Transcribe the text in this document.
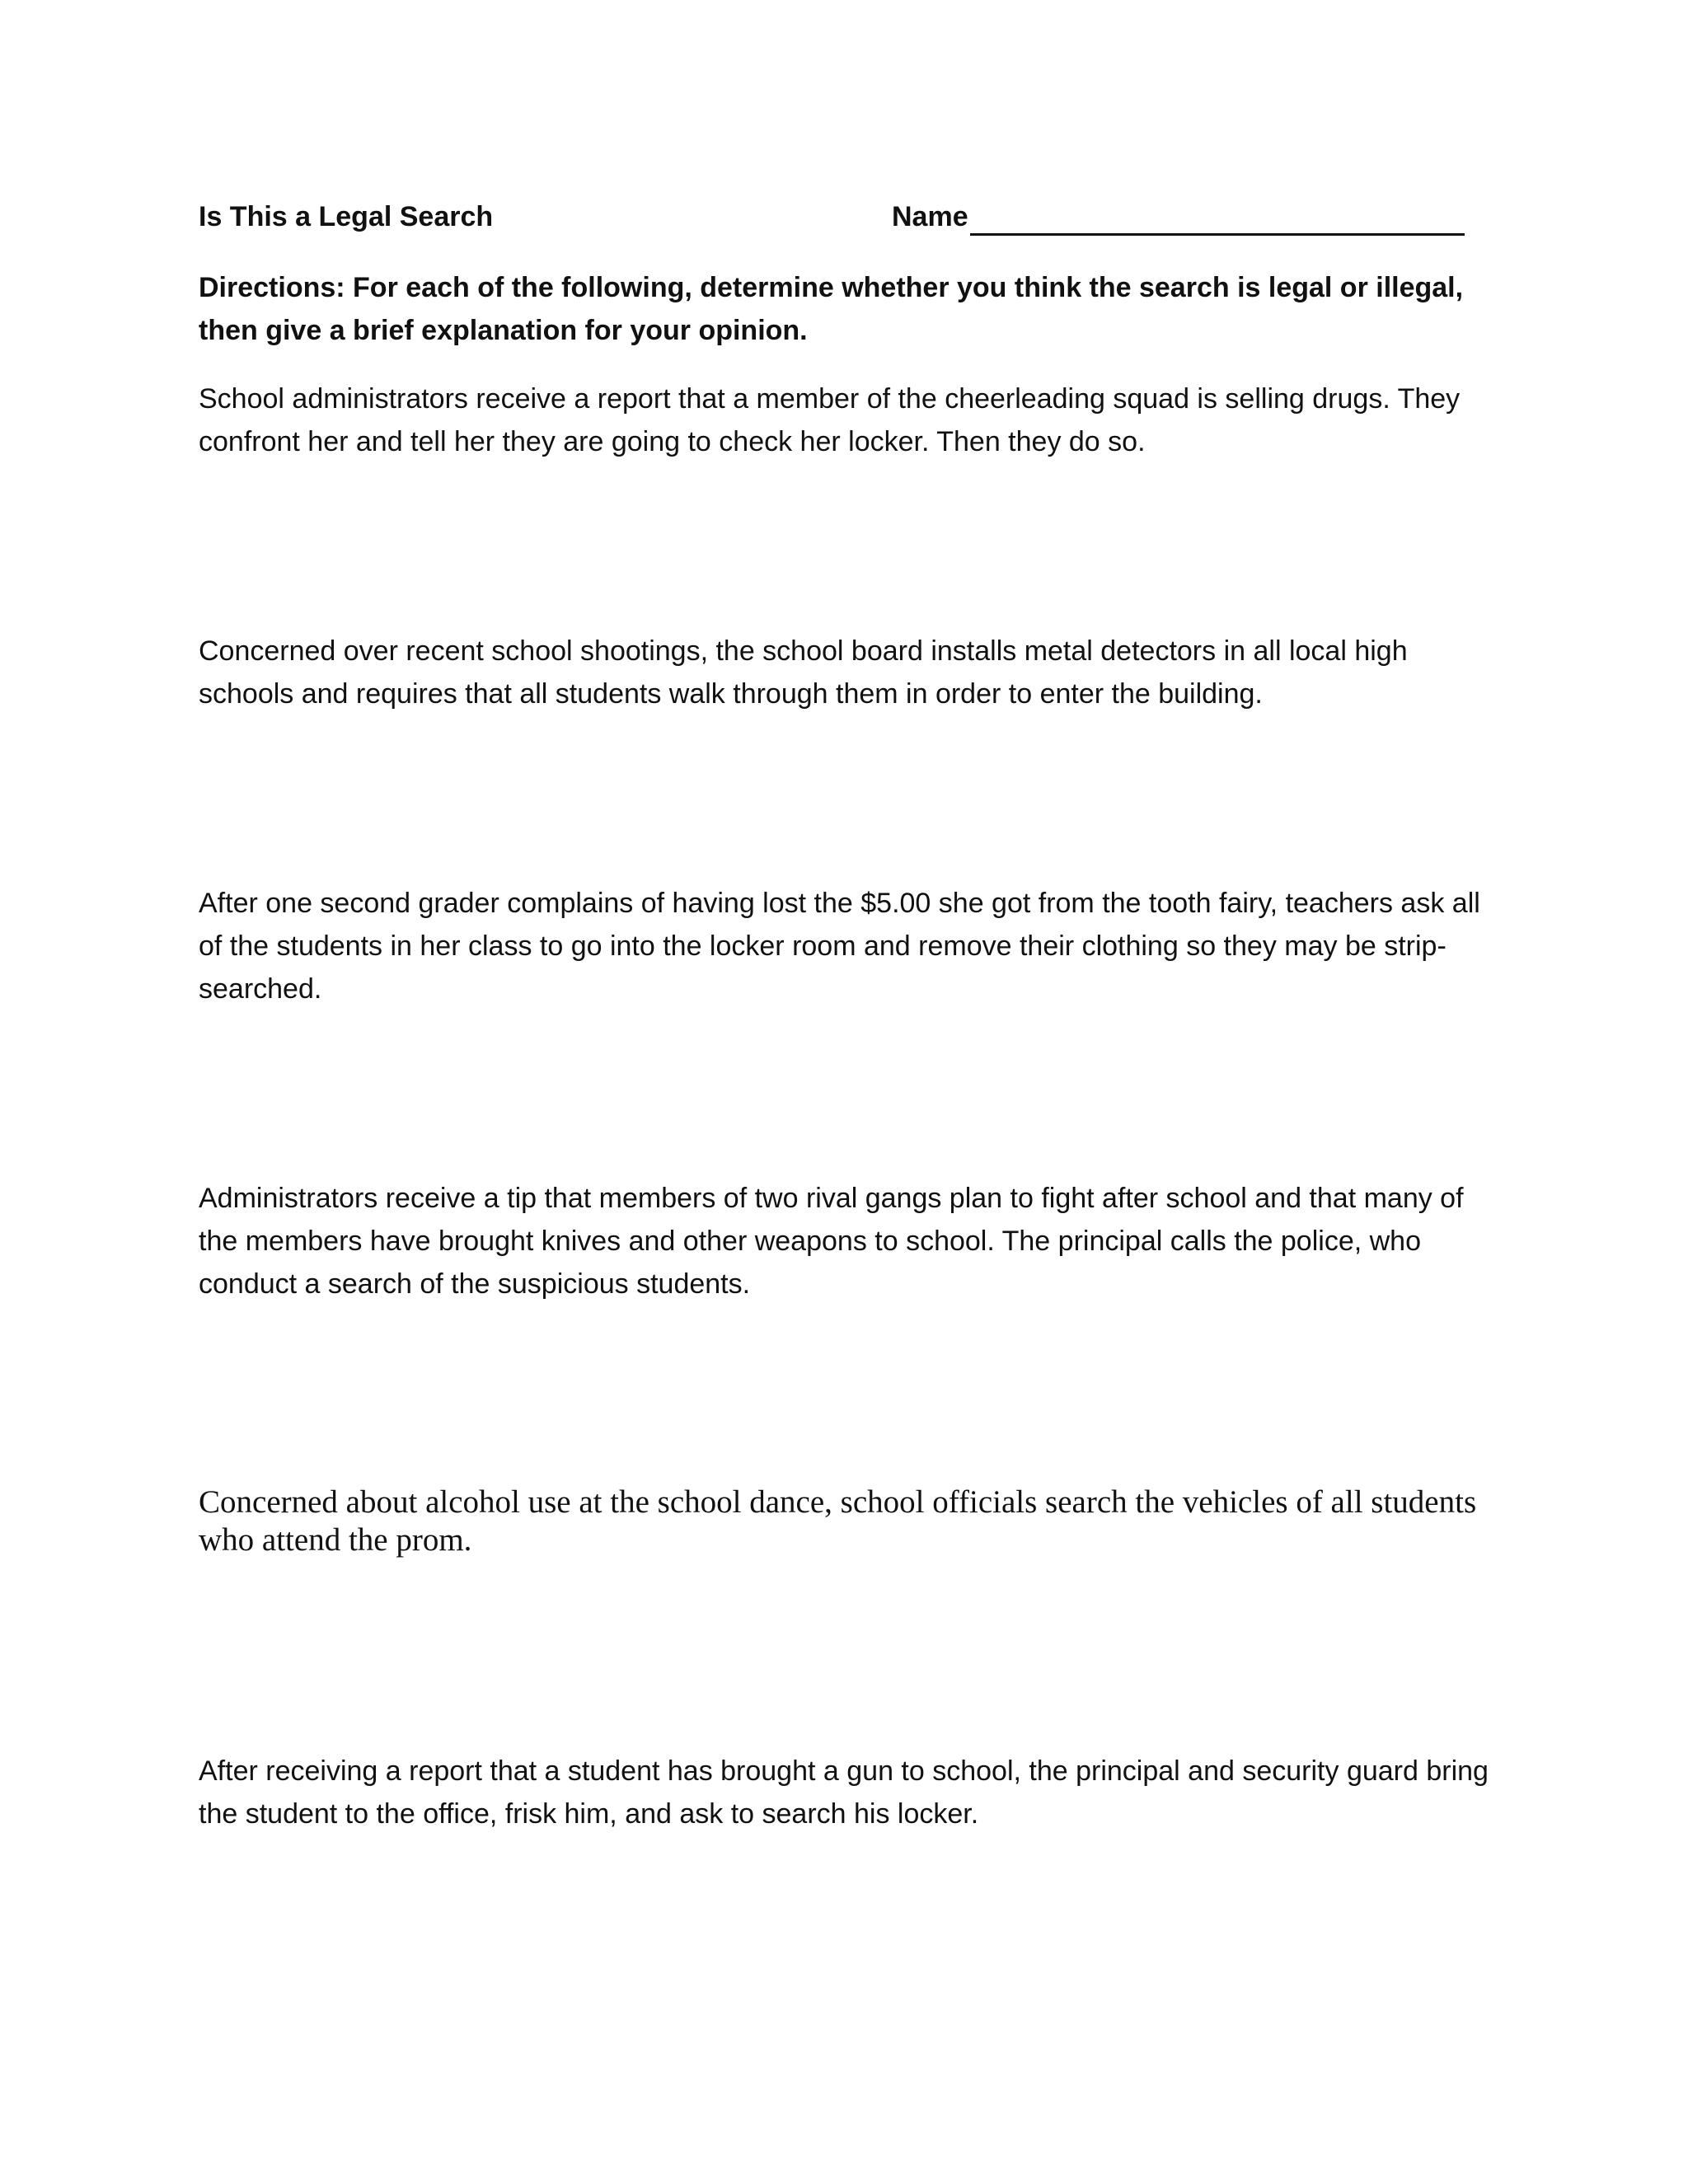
Is This a Legal Search	Name
Directions: For each of the following, determine whether you think the search is legal or illegal, then give a brief explanation for your opinion.
School administrators receive a report that a member of the cheerleading squad is selling drugs. They confront her and tell her they are going to check her locker. Then they do so.
Concerned over recent school shootings, the school board installs metal detectors in all local high schools and requires that all students walk through them in order to enter the building.
After one second grader complains of having lost the $5.00 she got from the tooth fairy, teachers ask all of the students in her class to go into the locker room and remove their clothing so they may be strip-searched.
Administrators receive a tip that members of two rival gangs plan to fight after school and that many of the members have brought knives and other weapons to school. The principal calls the police, who conduct a search of the suspicious students.
Concerned about alcohol use at the school dance, school officials search the vehicles of all students who attend the prom.
After receiving a report that a student has brought a gun to school, the principal and security guard bring the student to the office, frisk him, and ask to search his locker.
